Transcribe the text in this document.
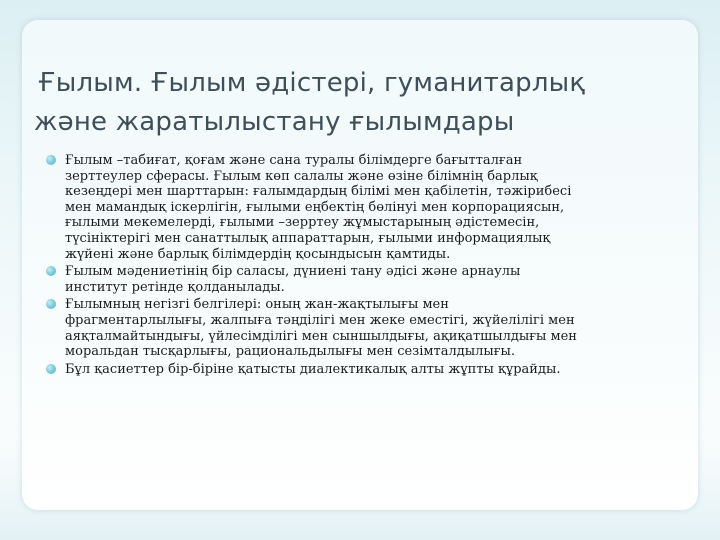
Ғылым. Ғылым әдістері, гуманитарлық
және жаратылыстану ғылымдары
Ғылым –табиғат, қоғам және сана туралы білімдерге бағытталған
зерттеулер сферасы. Ғылым көп салалы және өзіне білімнің барлық
кезеңдері мен шарттарын: ғалымдардың білімі мен қабілетін, тәжірибесі
мен мамандық іскерлігін, ғылыми еңбектің бөлінуі мен корпорациясын,
ғылыми мекемелерді, ғылыми –зерртеу жұмыстарының әдістемесін,
түсініктерігі мен санаттылық аппараттарын, ғылыми информациялық
жүйені және барлық білімдердің қосындысын қамтиды.
Ғылым мәдениетінің бір саласы, дүниені тану әдісі және арнаулы
институт ретінде қолданылады.
Ғылымның негізгі белгілері: оның жан-жақтылығы мен
фрагментарлылығы, жалпыға тәңділігі мен жеке еместігі, жүйелілігі мен
аяқталмайтындығы, үйлесімділігі мен сыншылдығы, ақиқатшылдығы мен
моральдан тысқарлығы, рациональдылығы мен сезімталдылығы.
Бұл қасиеттер бір-біріне қатысты диалектикалық алты жұпты құрайды.
